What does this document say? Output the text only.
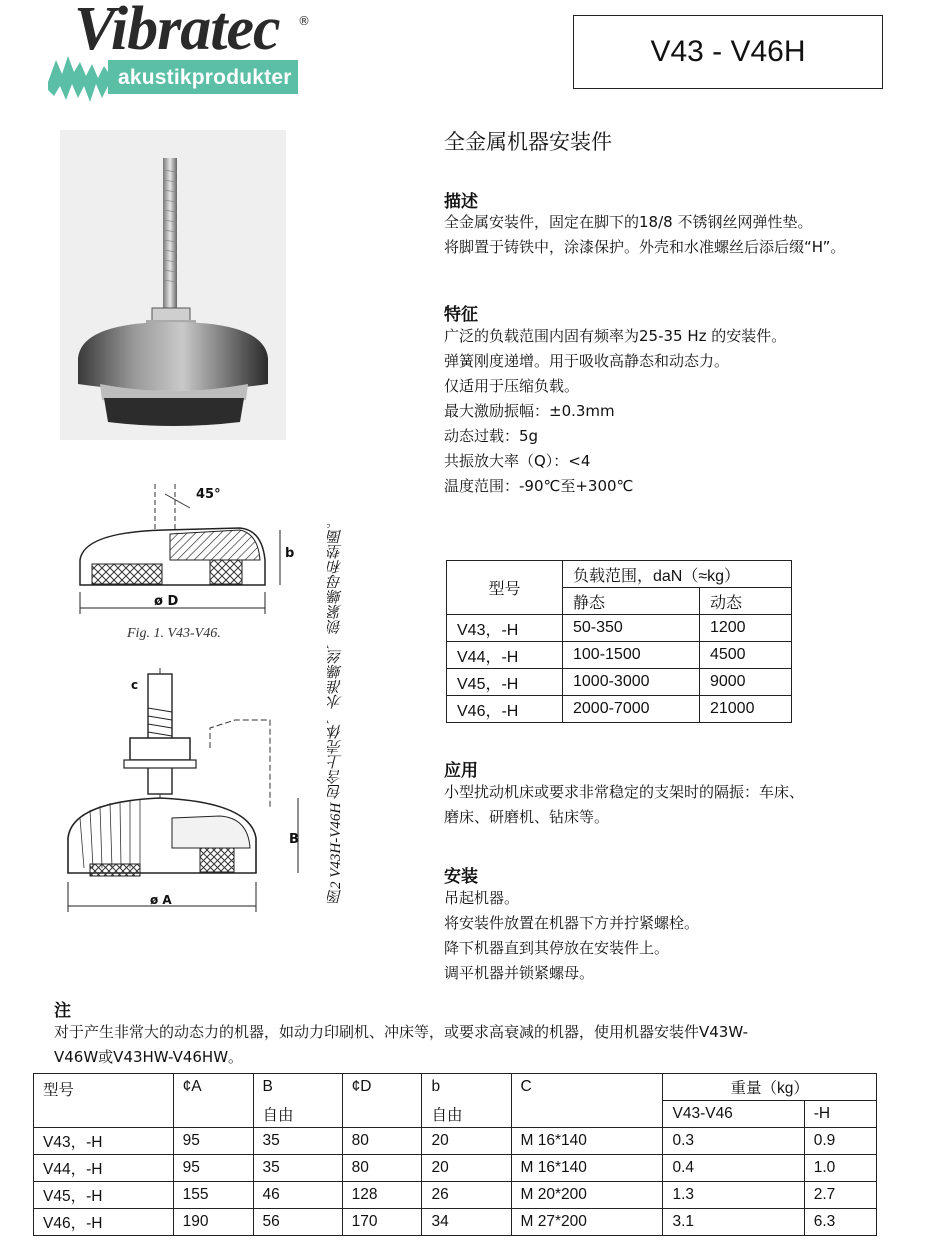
Vibratec ®
akustikprodukter
V43 - V46H
45°
b
ø D
Fig. 1. V43-V46.
c
B
ø A	图2 V43H-V46H 包含上壳体、水准螺丝、锁紧螺母和垫圈。
全金属机器安装件
描述
全金属安装件，固定在脚下的18/8 不锈钢丝网弹性垫。
将脚置于铸铁中，涂漆保护。外壳和水准螺丝后添后缀“H”。
特征
广泛的负载范围内固有频率为25-35 Hz 的安装件。
弹簧刚度递增。用于吸收高静态和动态力。
仅适用于压缩负载。
最大激励振幅：±0.3mm
动态过载：5g
共振放大率（Q）：<4
温度范围：-90℃至+300℃
型号	负载范围，daN（≈kg）	
	静态	动态
V43，-H	50-350	1200
V44，-H	100-1500	4500
V45，-H	1000-3000	9000
V46，-H	2000-7000	21000
应用
小型扰动机床或要求非常稳定的支架时的隔振：车床、
磨床、研磨机、钻床等。
安装
吊起机器。
将安装件放置在机器下方并拧紧螺栓。
降下机器直到其停放在安装件上。
调平机器并锁紧螺母。
注
对于产生非常大的动态力的机器，如动力印刷机、冲床等，或要求高衰减的机器，使用机器安装件V43W-
V46W或V43HW-V46HW。
型号	¢A	B	¢D	b	C	重量（kg）	
		自由		自由		V43-V46	-H
V43，-H	95	35	80	20	M 16*140	0.3	0.9
V44，-H	95	35	80	20	M 16*140	0.4	1.0
V45，-H	155	46	128	26	M 20*200	1.3	2.7
V46，-H	190	56	170	34	M 27*200	3.1	6.3
